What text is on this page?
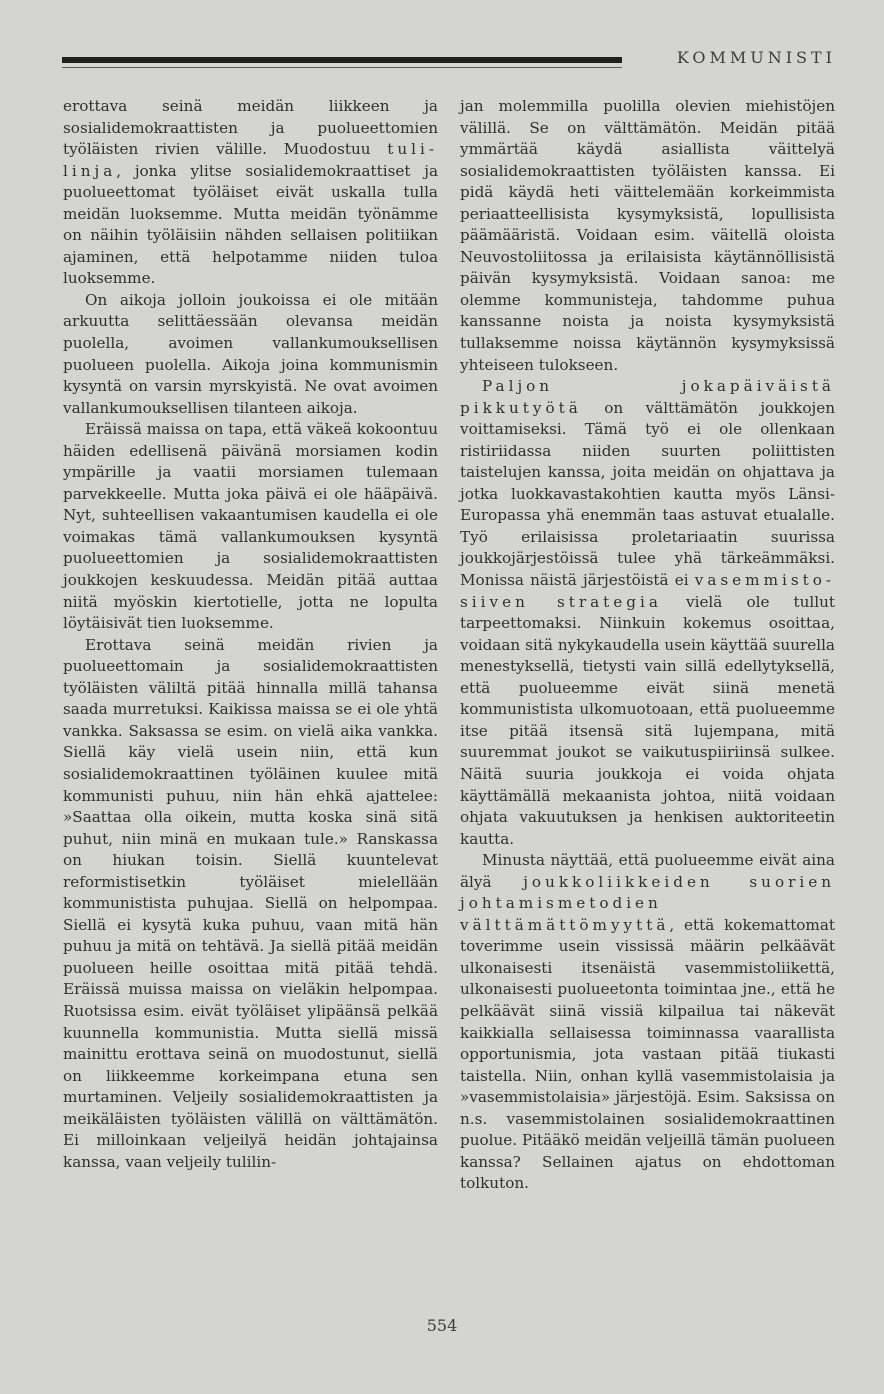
KOMMUNISTI

erottava seinä meidän liikkeen ja sosialidemokraattisten ja puolueettomien työläisten rivien välille. Muodostuu tuli-linja, jonka ylitse sosialidemokraattiset ja puolueettomat työläiset eivät uskalla tulla meidän luoksemme. Mutta meidän työnämme on näihin työläisiin nähden sellaisen politiikan ajaminen, että helpotamme niiden tuloa luoksemme.

On aikoja jolloin joukoissa ei ole mitään arkuutta selittäessään olevansa meidän puolella, avoimen vallankumouksellisen puolueen puolella. Aikoja joina kommunismin kysyntä on varsin myrskyistä. Ne ovat avoimen vallankumouksellisen tilanteen aikoja.

Eräissä maissa on tapa, että väkeä kokoontuu häiden edellisenä päivänä morsiamen kodin ympärille ja vaatii morsiamen tulemaan parvekkeelle. Mutta joka päivä ei ole hääpäivä. Nyt, suhteellisen vakaantumisen kaudella ei ole voimakas tämä vallankumouksen kysyntä puolueettomien ja sosialidemokraattisten joukkojen keskuudessa. Meidän pitää auttaa niitä myöskin kiertotielle, jotta ne lopulta löytäisivät tien luoksemme.

Erottava seinä meidän rivien ja puolueettomain ja sosialidemokraattisten työläisten väliltä pitää hinnalla millä tahansa saada murretuksi. Kaikissa maissa se ei ole yhtä vankka. Saksassa se esim. on vielä aika vankka. Siellä käy vielä usein niin, että kun sosialidemokraattinen työläinen kuulee mitä kommunisti puhuu, niin hän ehkä ajattelee: »Saattaa olla oikein, mutta koska sinä sitä puhut, niin minä en mukaan tule.» Ranskassa on hiukan toisin. Siellä kuuntelevat reformistisetkin työläiset mielellään kommunistista puhujaa. Siellä on helpompaa. Siellä ei kysytä kuka puhuu, vaan mitä hän puhuu ja mitä on tehtävä. Ja siellä pitää meidän puolueen heille osoittaa mitä pitää tehdä. Eräissä muissa maissa on vieläkin helpompaa. Ruotsissa esim. eivät työläiset ylipäänsä pelkää kuunnella kommunistia. Mutta siellä missä mainittu erottava seinä on muodostunut, siellä on liikkeemme korkeimpana etuna sen murtaminen. Veljeily sosialidemokraattisten ja meikäläisten työläisten välillä on välttämätön. Ei milloinkaan veljeilyä heidän johtajainsa kanssa, vaan veljeily tulilin-

jan molemmilla puolilla olevien miehistöjen välillä. Se on välttämätön. Meidän pitää ymmärtää käydä asiallista väittelyä sosialidemokraattisten työläisten kanssa. Ei pidä käydä heti väittelemään korkeimmista periaatteellisista kysymyksistä, lopullisista päämääristä. Voidaan esim. väitellä oloista Neuvostoliitossa ja erilaisista käytännöllisistä päivän kysymyksistä. Voidaan sanoa: me olemme kommunisteja, tahdomme puhua kanssanne noista ja noista kysymyksistä tullaksemme noissa käytännön kysymyksissä yhteiseen tulokseen.

Paljon jokapäiväistä pikkutyötä on välttämätön joukkojen voittamiseksi. Tämä työ ei ole ollenkaan ristiriidassa niiden suurten poliittisten taistelujen kanssa, joita meidän on ohjattava ja jotka luokkavastakohtien kautta myös Länsi-Europassa yhä enemmän taas astuvat etualalle. Työ erilaisissa proletariaatin suurissa joukkojärjestöissä tulee yhä tärkeämmäksi. Monissa näistä järjestöistä ei vasemmisto-siiven strategia vielä ole tullut tarpeettomaksi. Niinkuin kokemus osoittaa, voidaan sitä nykykaudella usein käyttää suurella menestyksellä, tietysti vain sillä edellytyksellä, että puolueemme eivät siinä menetä kommunistista ulkomuotoaan, että puolueemme itse pitää itsensä sitä lujempana, mitä suuremmat joukot se vaikutuspiiriinsä sulkee. Näitä suuria joukkoja ei voida ohjata käyttämällä mekaanista johtoa, niitä voidaan ohjata vakuutuksen ja henkisen auktoriteetin kautta.

Minusta näyttää, että puolueemme eivät aina älyä joukkoliikkeiden suorien johtamismetodien välttämättömyyttä, että kokemattomat toverimme usein vississä määrin pelkäävät ulkonaisesti itsenäistä vasemmistoliikettä, ulkonaisesti puolueetonta toimintaa jne., että he pelkäävät siinä vissiä kilpailua tai näkevät kaikkialla sellaisessa toiminnassa vaarallista opportunismia, jota vastaan pitää tiukasti taistella. Niin, onhan kyllä vasemmistolaisia ja »vasemmistolaisia» järjestöjä. Esim. Saksissa on n.s. vasemmistolainen sosialidemokraattinen puolue. Pitääkö meidän veljeillä tämän puolueen kanssa? Sellainen ajatus on ehdottoman tolkuton.

554
